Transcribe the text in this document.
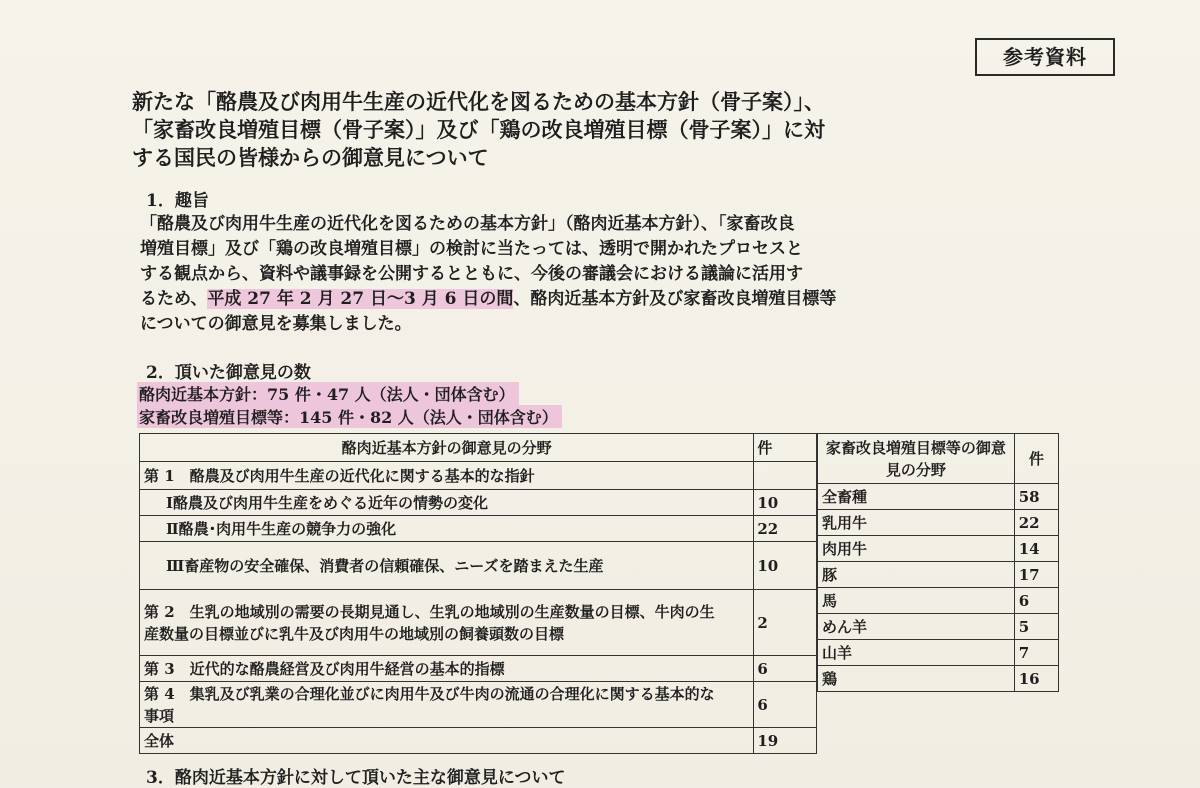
参考資料
新たな「酪農及び肉用牛生産の近代化を図るための基本方針（骨子案）」、
「家畜改良増殖目標（骨子案）」及び「鶏の改良増殖目標（骨子案）」に対
する国民の皆様からの御意見について
1．趣旨
「酪農及び肉用牛生産の近代化を図るための基本方針」（酪肉近基本方針）、「家畜改良
増殖目標」及び「鶏の改良増殖目標」の検討に当たっては、透明で開かれたプロセスと
する観点から、資料や議事録を公開するとともに、今後の審議会における議論に活用す
るため、平成 27 年 2 月 27 日～3 月 6 日の間、酪肉近基本方針及び家畜改良増殖目標等
についての御意見を募集しました。
2．頂いた御意見の数
酪肉近基本方針：75 件・47 人（法人・団体含む）
家畜改良増殖目標等：145 件・82 人（法人・団体含む）
酪肉近基本方針の御意見の分野	件
第 1　酪農及び肉用牛生産の近代化に関する基本的な指針	
Ⅰ酪農及び肉用牛生産をめぐる近年の情勢の変化	10
Ⅱ酪農･肉用牛生産の競争力の強化	22
Ⅲ畜産物の安全確保、消費者の信頼確保、ニーズを踏まえた生産	10
第 2　生乳の地域別の需要の長期見通し、生乳の地域別の生産数量の目標、牛肉の生産数量の目標並びに乳牛及び肉用牛の地域別の飼養頭数の目標	2
第 3　近代的な酪農経営及び肉用牛経営の基本的指標	6
第 4　集乳及び乳業の合理化並びに肉用牛及び牛肉の流通の合理化に関する基本的な事項	6
全体	19
家畜改良増殖目標等の御意見の分野	件
全畜種	58
乳用牛	22
肉用牛	14
豚	17
馬	6
めん羊	5
山羊	7
鶏	16
3．酪肉近基本方針に対して頂いた主な御意見について
